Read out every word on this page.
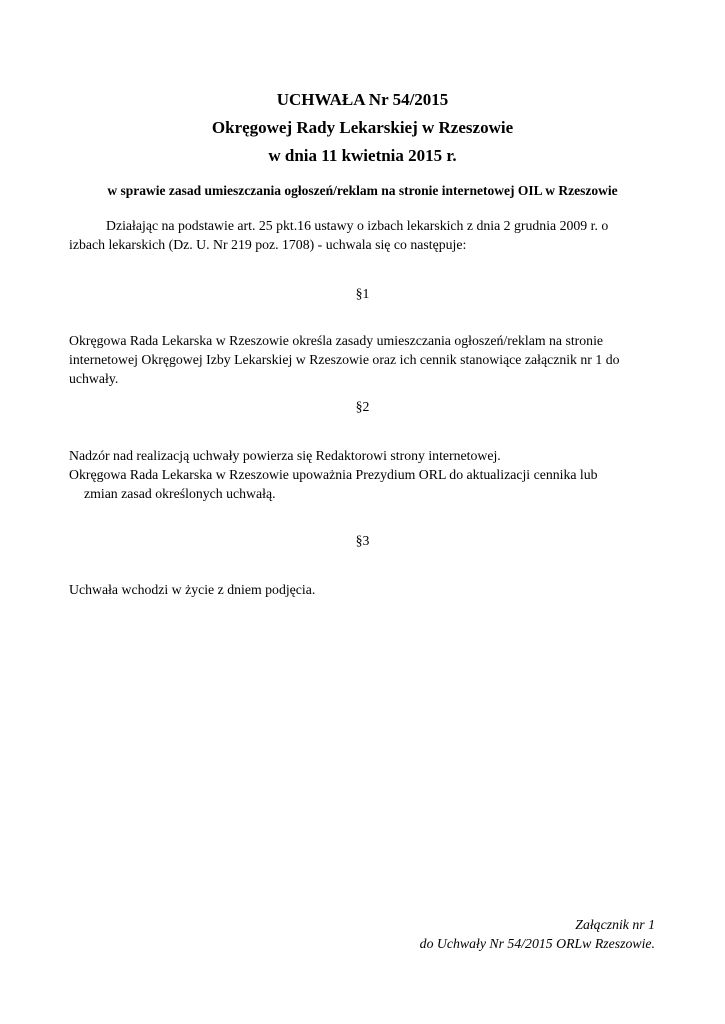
UCHWAŁA Nr 54/2015
Okręgowej Rady Lekarskiej w Rzeszowie
w dnia 11 kwietnia 2015 r.
w sprawie zasad umieszczania ogłoszeń/reklam na stronie internetowej OIL w Rzeszowie
Działając na podstawie art. 25 pkt.16 ustawy o izbach lekarskich z dnia 2 grudnia 2009 r. o
izbach lekarskich (Dz. U. Nr 219 poz. 1708) - uchwala się co następuje:
§1
Okręgowa Rada Lekarska w Rzeszowie określa zasady umieszczania ogłoszeń/reklam na stronie
internetowej Okręgowej Izby Lekarskiej w Rzeszowie oraz ich cennik stanowiące załącznik nr 1 do
uchwały.
§2
Nadzór nad realizacją uchwały powierza się Redaktorowi strony internetowej.
Okręgowa Rada Lekarska w Rzeszowie upoważnia Prezydium ORL do aktualizacji cennika lub
zmian zasad określonych uchwałą.
§3
Uchwała wchodzi w życie z dniem podjęcia.
Załącznik nr 1
do Uchwały Nr 54/2015 ORLw Rzeszowie.
